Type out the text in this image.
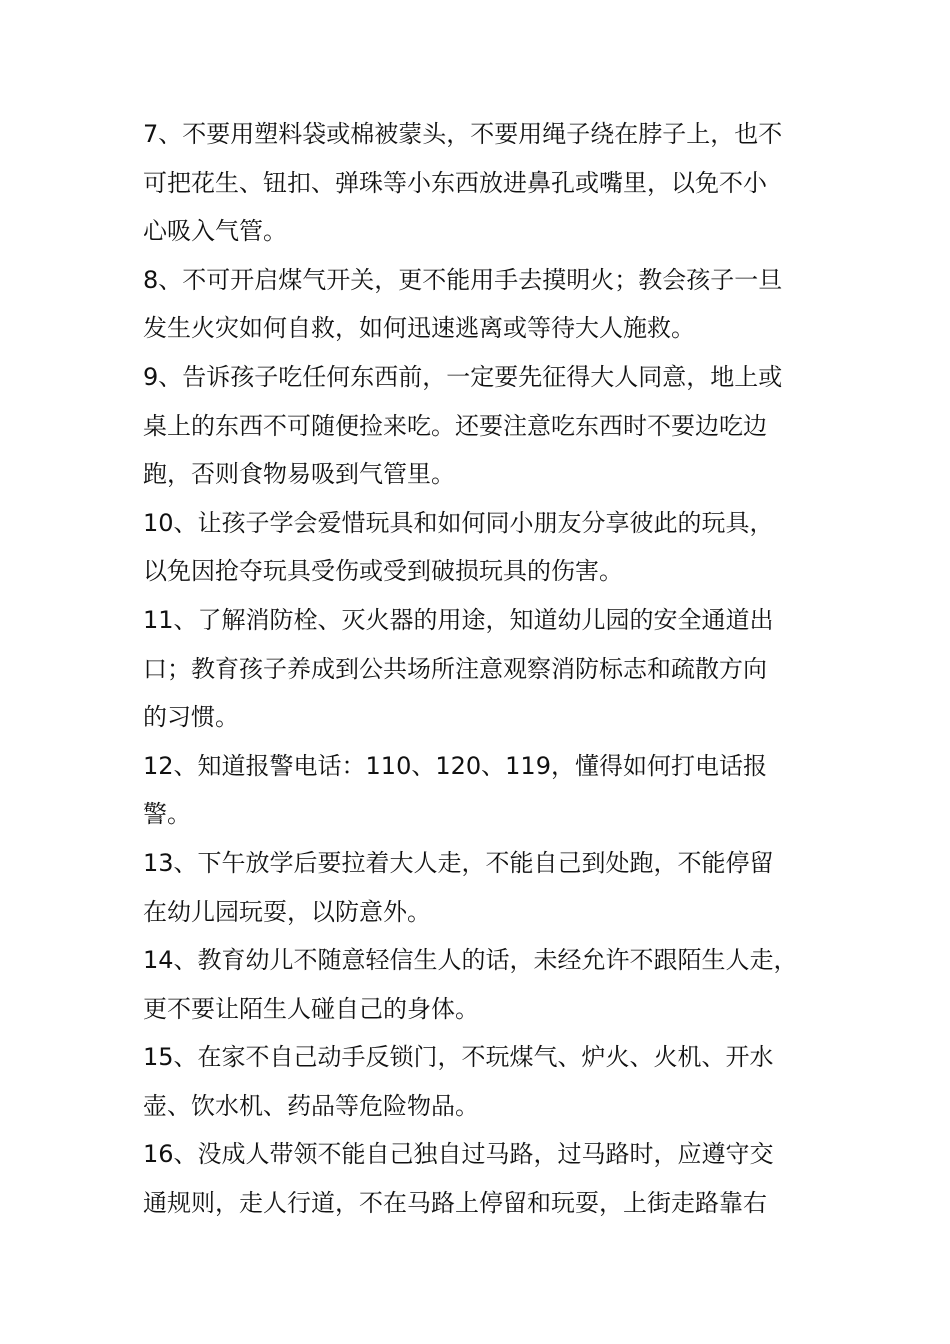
7、不要用塑料袋或棉被蒙头，不要用绳子绕在脖子上，也不
可把花生、钮扣、弹珠等小东西放进鼻孔或嘴里，以免不小
心吸入气管。

8、不可开启煤气开关，更不能用手去摸明火；教会孩子一旦
发生火灾如何自救，如何迅速逃离或等待大人施救。

9、告诉孩子吃任何东西前，一定要先征得大人同意，地上或
桌上的东西不可随便捡来吃。还要注意吃东西时不要边吃边
跑，否则食物易吸到气管里。

10、让孩子学会爱惜玩具和如何同小朋友分享彼此的玩具，
以免因抢夺玩具受伤或受到破损玩具的伤害。

11、了解消防栓、灭火器的用途，知道幼儿园的安全通道出
口；教育孩子养成到公共场所注意观察消防标志和疏散方向
的习惯。

12、知道报警电话：110、120、119，懂得如何打电话报警。

13、下午放学后要拉着大人走，不能自己到处跑，不能停留
在幼儿园玩耍，以防意外。

14、教育幼儿不随意轻信生人的话，未经允许不跟陌生人走，
更不要让陌生人碰自己的身体。

15、在家不自己动手反锁门，不玩煤气、炉火、火机、开水
壶、饮水机、药品等危险物品。

16、没成人带领不能自己独自过马路，过马路时，应遵守交
通规则，走人行道，不在马路上停留和玩耍，上街走路靠右
